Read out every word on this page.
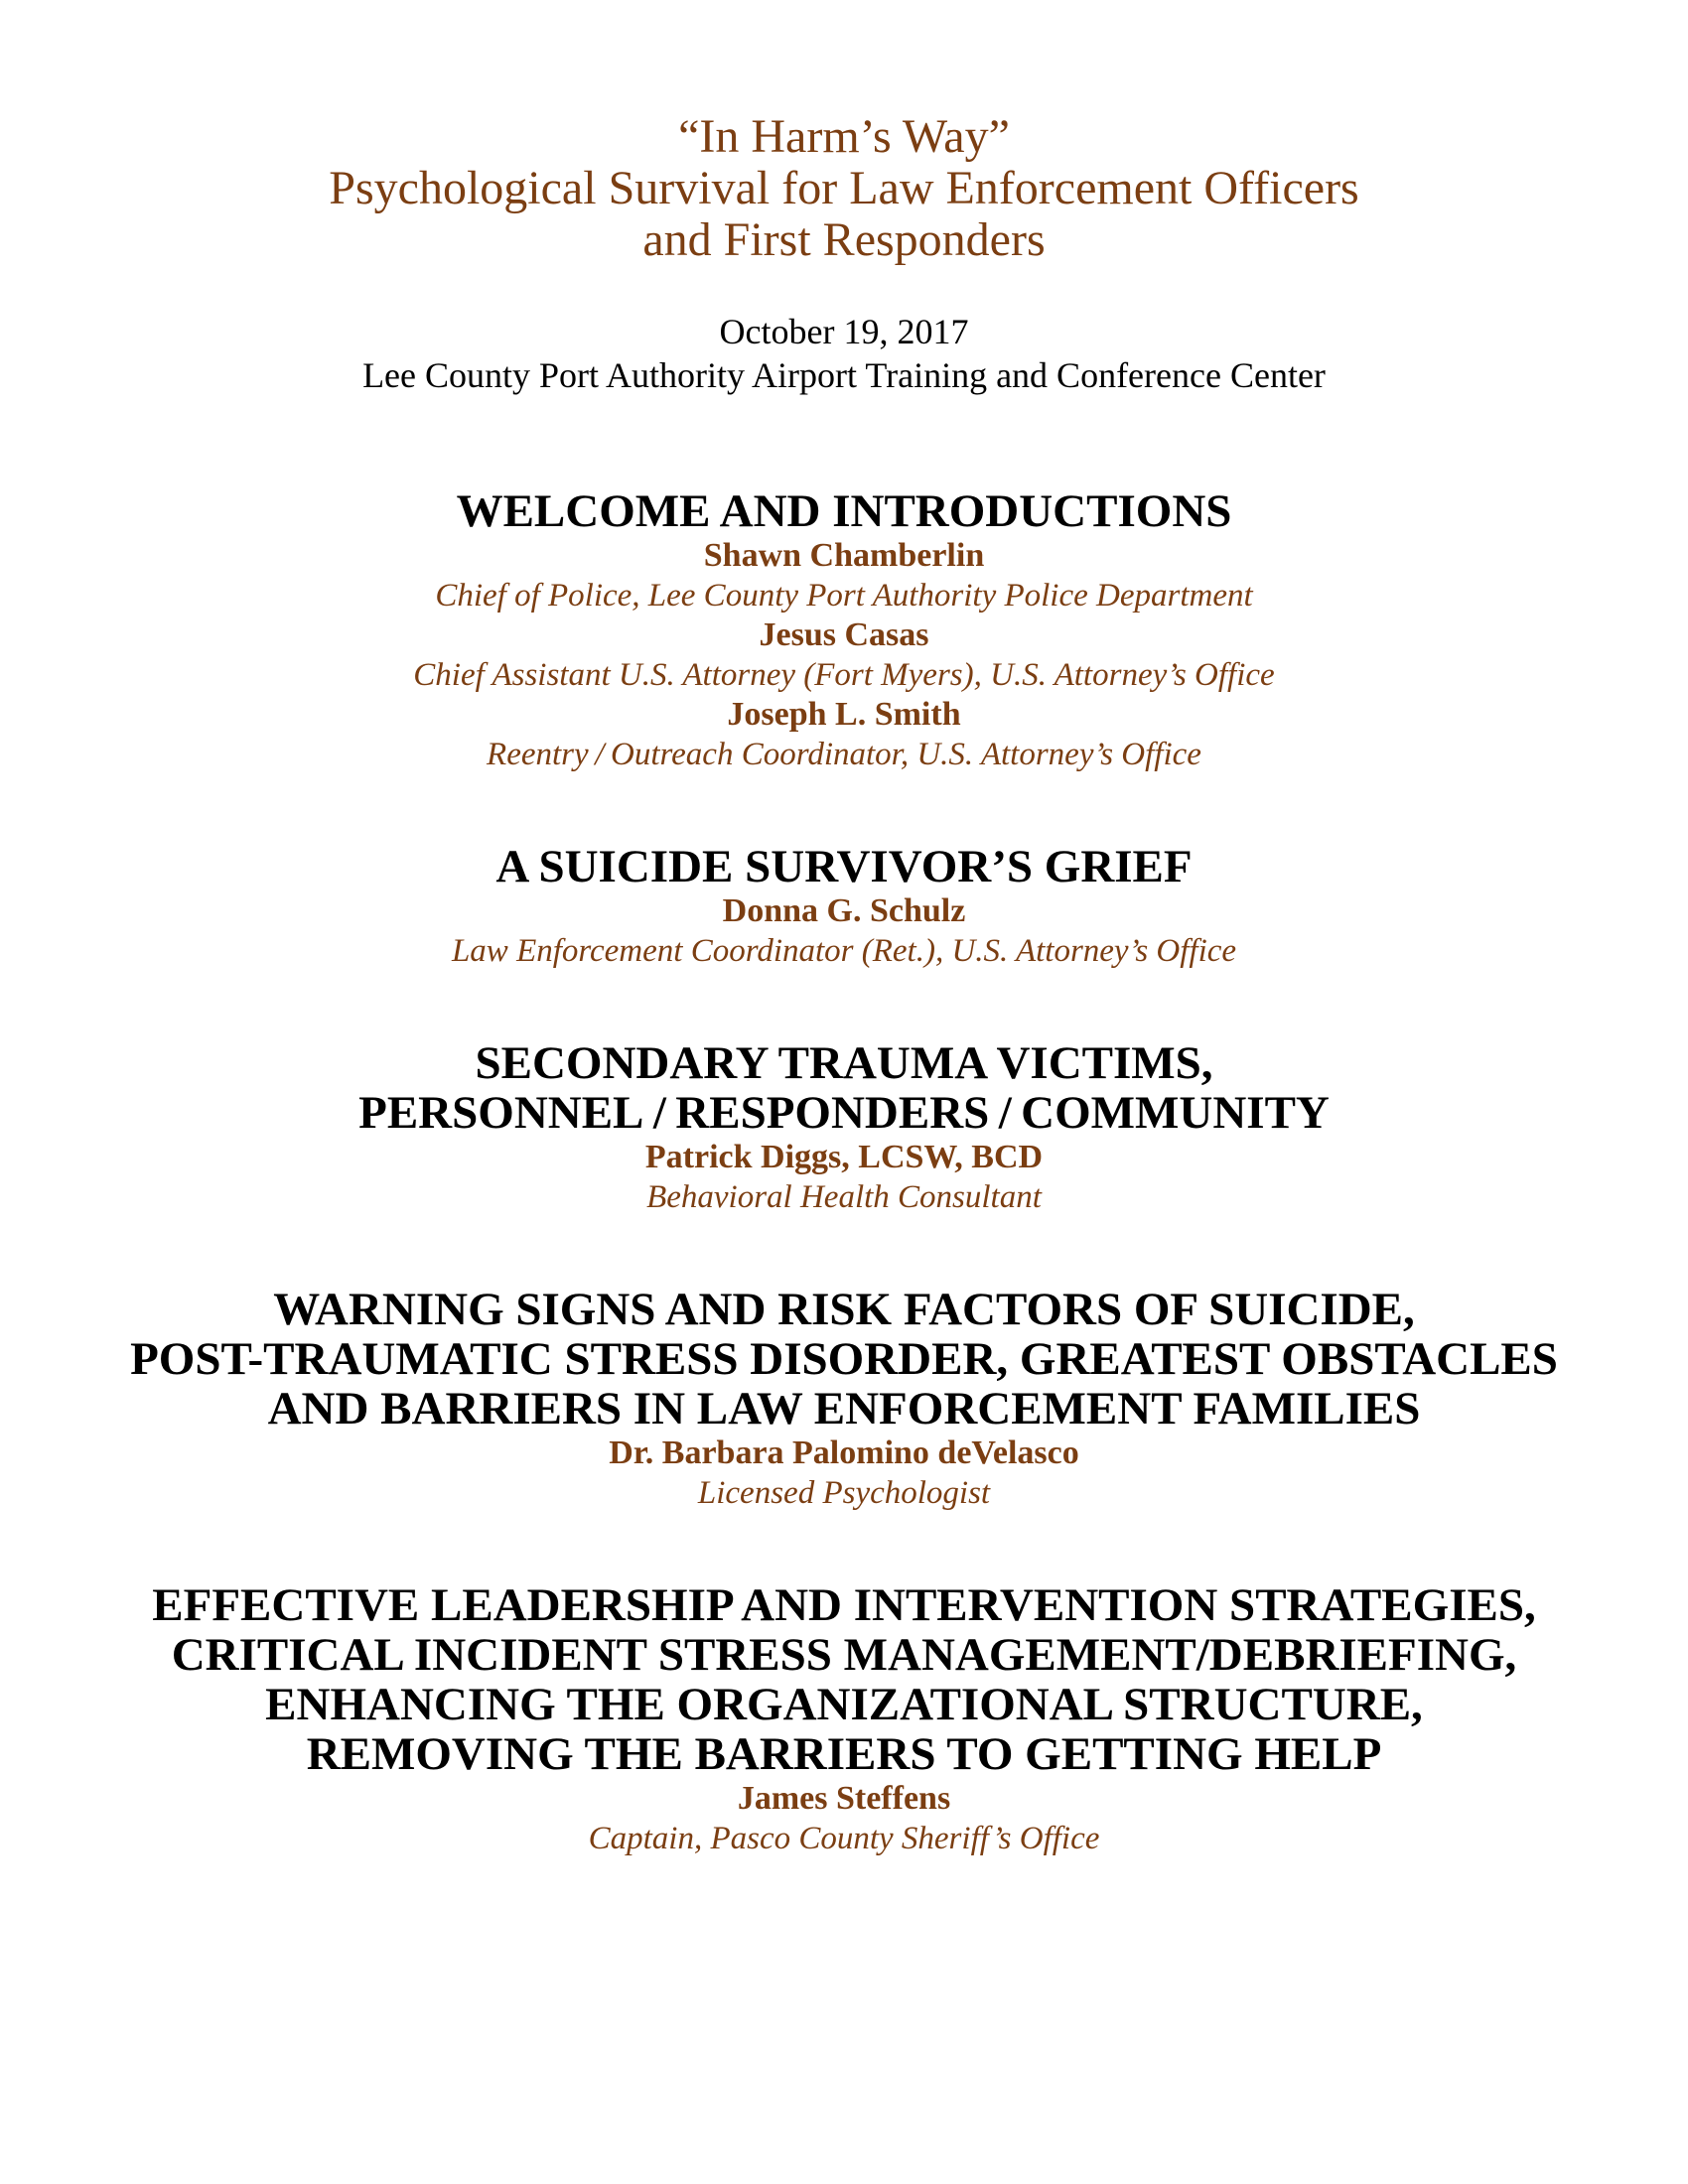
“In Harm’s Way”
Psychological Survival for Law Enforcement Officers
and First Responders
October 19, 2017
Lee County Port Authority Airport Training and Conference Center
WELCOME AND INTRODUCTIONS
Shawn Chamberlin
Chief of Police, Lee County Port Authority Police Department
Jesus Casas
Chief Assistant U.S. Attorney (Fort Myers), U.S. Attorney’s Office
Joseph L. Smith
Reentry / Outreach Coordinator, U.S. Attorney’s Office
A SUICIDE SURVIVOR’S GRIEF
Donna G. Schulz
Law Enforcement Coordinator (Ret.), U.S. Attorney’s Office
SECONDARY TRAUMA VICTIMS,
PERSONNEL / RESPONDERS / COMMUNITY
Patrick Diggs, LCSW, BCD
Behavioral Health Consultant
WARNING SIGNS AND RISK FACTORS OF SUICIDE,
POST-TRAUMATIC STRESS DISORDER, GREATEST OBSTACLES
AND BARRIERS IN LAW ENFORCEMENT FAMILIES
Dr. Barbara Palomino deVelasco
Licensed Psychologist
EFFECTIVE LEADERSHIP AND INTERVENTION STRATEGIES,
CRITICAL INCIDENT STRESS MANAGEMENT/DEBRIEFING,
ENHANCING THE ORGANIZATIONAL STRUCTURE,
REMOVING THE BARRIERS TO GETTING HELP
James Steffens
Captain, Pasco County Sheriff’s Office
